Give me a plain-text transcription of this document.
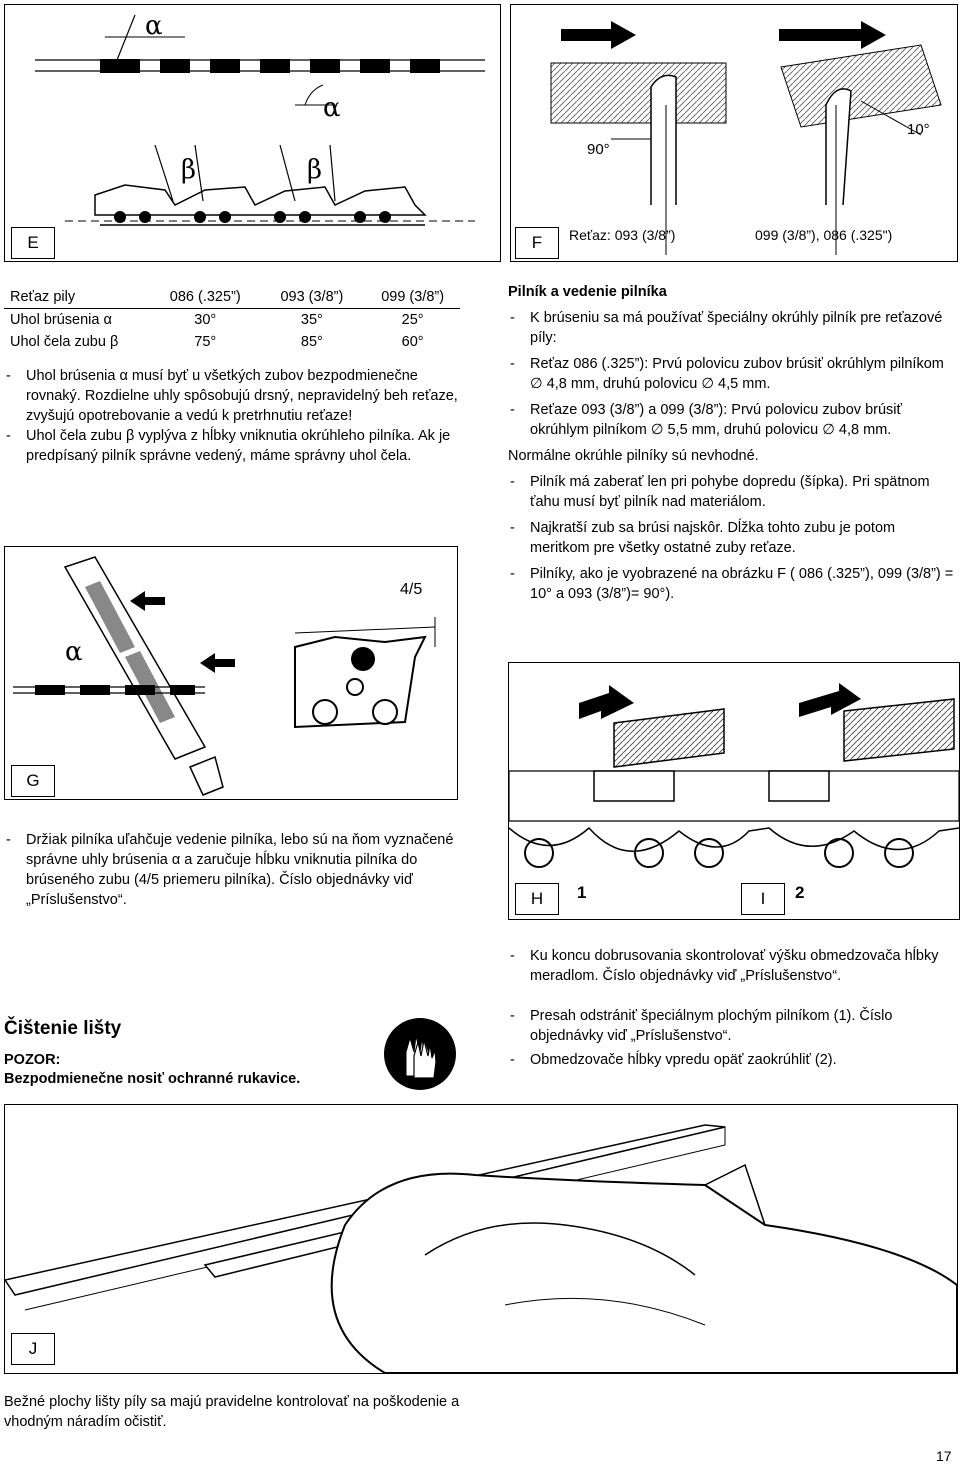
α
α
β	β
E
90°
10°
F	Reťaz: 093 (3/8”)	099 (3/8”), 086 (.325")
Reťaz pily	086 (.325”)	093 (3/8”)	099 (3/8”)
Uhol brúsenia α	30°	35°	25°
Uhol čela zubu β	75°	85°	60°

- Uhol brúsenia α musí byť u všetkých zubov bezpodmienečne rovnaký. Rozdielne uhly spôsobujú drsný, nepravidelný beh reťaze, zvyšujú opotrebovanie a vedú k pretrhnutiu reťaze!

- Uhol čela zubu β vyplýva z hĺbky vniknutia okrúhleho pilníka. Ak je predpísaný pilník správne vedený, máme správny uhol čela.

Pilník a vedenie pilníka

- K brúseniu sa má používať špeciálny okrúhly pilník pre reťazové píly:

- Reťaz 086 (.325”): Prvú polovicu zubov brúsiť okrúhlym pilníkom ∅ 4,8 mm, druhú polovicu ∅ 4,5 mm.

- Reťaze 093 (3/8”) a 099 (3/8”): Prvú polovicu zubov brúsiť okrúhlym pilníkom ∅ 5,5 mm, druhú polovicu ∅ 4,8 mm.

Normálne okrúhle pilníky sú nevhodné.

- Pilník má zaberať len pri pohybe dopredu (šípka). Pri spätnom ťahu musí byť pilník nad materiálom.

- Najkratší zub sa brúsi najskôr. Dĺžka tohto zubu je potom meritkom pre všetky ostatné zuby reťaze.

- Pilníky, ako je vyobrazené na obrázku F ( 086 (.325”), 099 (3/8”) = 10° a 093 (3/8”)= 90°).

α
4/5
G

- Držiak pilníka uľahčuje vedenie pilníka, lebo sú na ňom vyznačené správne uhly brúsenia α a zaručuje hĺbku vniknutia pilníka do brúseného zubu (4/5 priemeru pilníka). Číslo objednávky viď „Príslušenstvo“.	H	1	I	2

- Ku koncu dobrusovania skontrolovať výšku obmedzovača hĺbky meradlom. Číslo objednávky viď „Príslušenstvo“.

- Presah odstrániť špeciálnym plochým pilníkom (1). Číslo objednávky viď „Príslušenstvo“.

- Obmedzovače hĺbky vpredu opäť zaokrúhliť (2).

Čištenie lišty
POZOR:
Bezpodmienečne nosiť ochranné rukavice.
J

Bežné plochy lišty píly sa majú pravidelne kontrolovať na poškodenie a vhodným náradím očistiť.

17
